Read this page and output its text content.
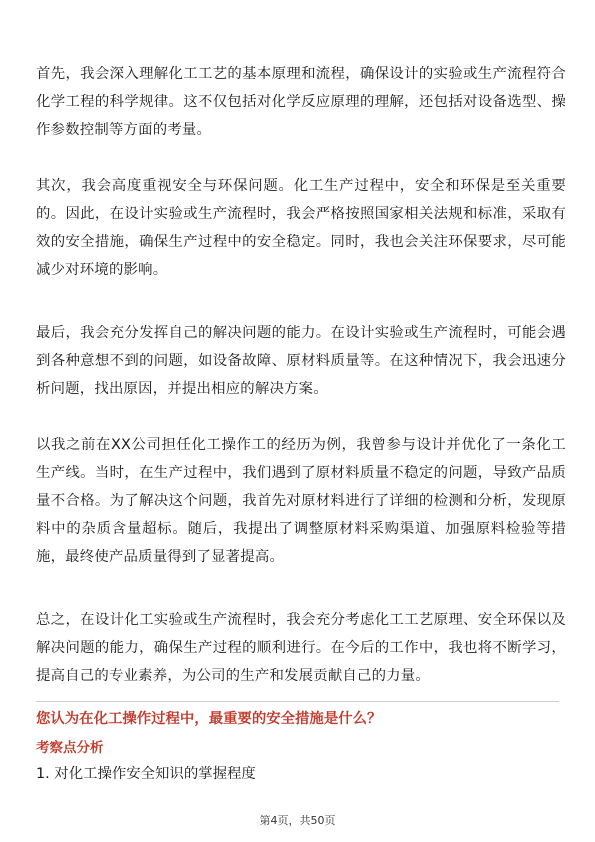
首先，我会深入理解化工工艺的基本原理和流程，确保设计的实验或生产流程符合化学工程的科学规律。这不仅包括对化学反应原理的理解，还包括对设备选型、操作参数控制等方面的考量。

其次，我会高度重视安全与环保问题。化工生产过程中，安全和环保是至关重要的。因此，在设计实验或生产流程时，我会严格按照国家相关法规和标准，采取有效的安全措施，确保生产过程中的安全稳定。同时，我也会关注环保要求，尽可能减少对环境的影响。

最后，我会充分发挥自己的解决问题的能力。在设计实验或生产流程时，可能会遇到各种意想不到的问题，如设备故障、原材料质量等。在这种情况下，我会迅速分析问题，找出原因，并提出相应的解决方案。

以我之前在XX公司担任化工操作工的经历为例，我曾参与设计并优化了一条化工生产线。当时，在生产过程中，我们遇到了原材料质量不稳定的问题，导致产品质量不合格。为了解决这个问题，我首先对原材料进行了详细的检测和分析，发现原料中的杂质含量超标。随后，我提出了调整原材料采购渠道、加强原料检验等措施，最终使产品质量得到了显著提高。

总之，在设计化工实验或生产流程时，我会充分考虑化工工艺原理、安全环保以及解决问题的能力，确保生产过程的顺利进行。在今后的工作中，我也将不断学习，提高自己的专业素养，为公司的生产和发展贡献自己的力量。

您认为在化工操作过程中，最重要的安全措施是什么？

考察点分析

1. 对化工操作安全知识的掌握程度

第4页，共50页
